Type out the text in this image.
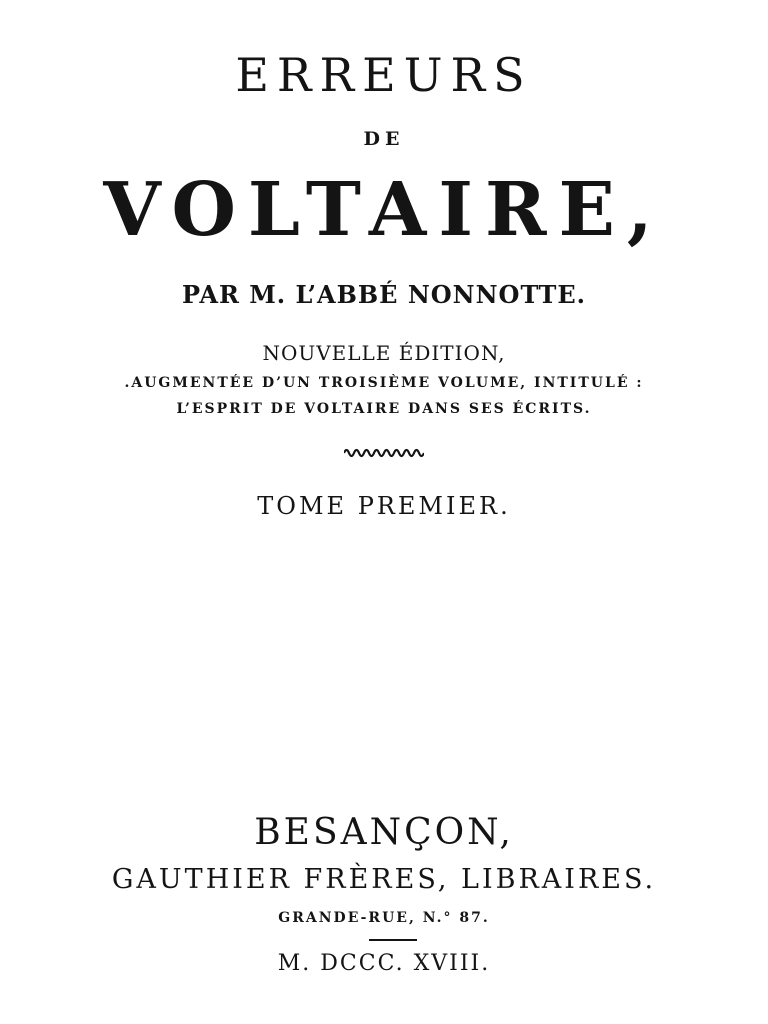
ERREURS
DE
VOLTAIRE,
PAR M. L’ABBÉ NONNOTTE.
NOUVELLE ÉDITION,
.AUGMENTÉE D’UN TROISIÈME VOLUME, INTITULÉ :
L’ESPRIT DE VOLTAIRE DANS SES ÉCRITS.
TOME PREMIER.
BESANÇON,
GAUTHIER FRÈRES, LIBRAIRES.
GRANDE-RUE, N.° 87.
M. DCCC. XVIII.
